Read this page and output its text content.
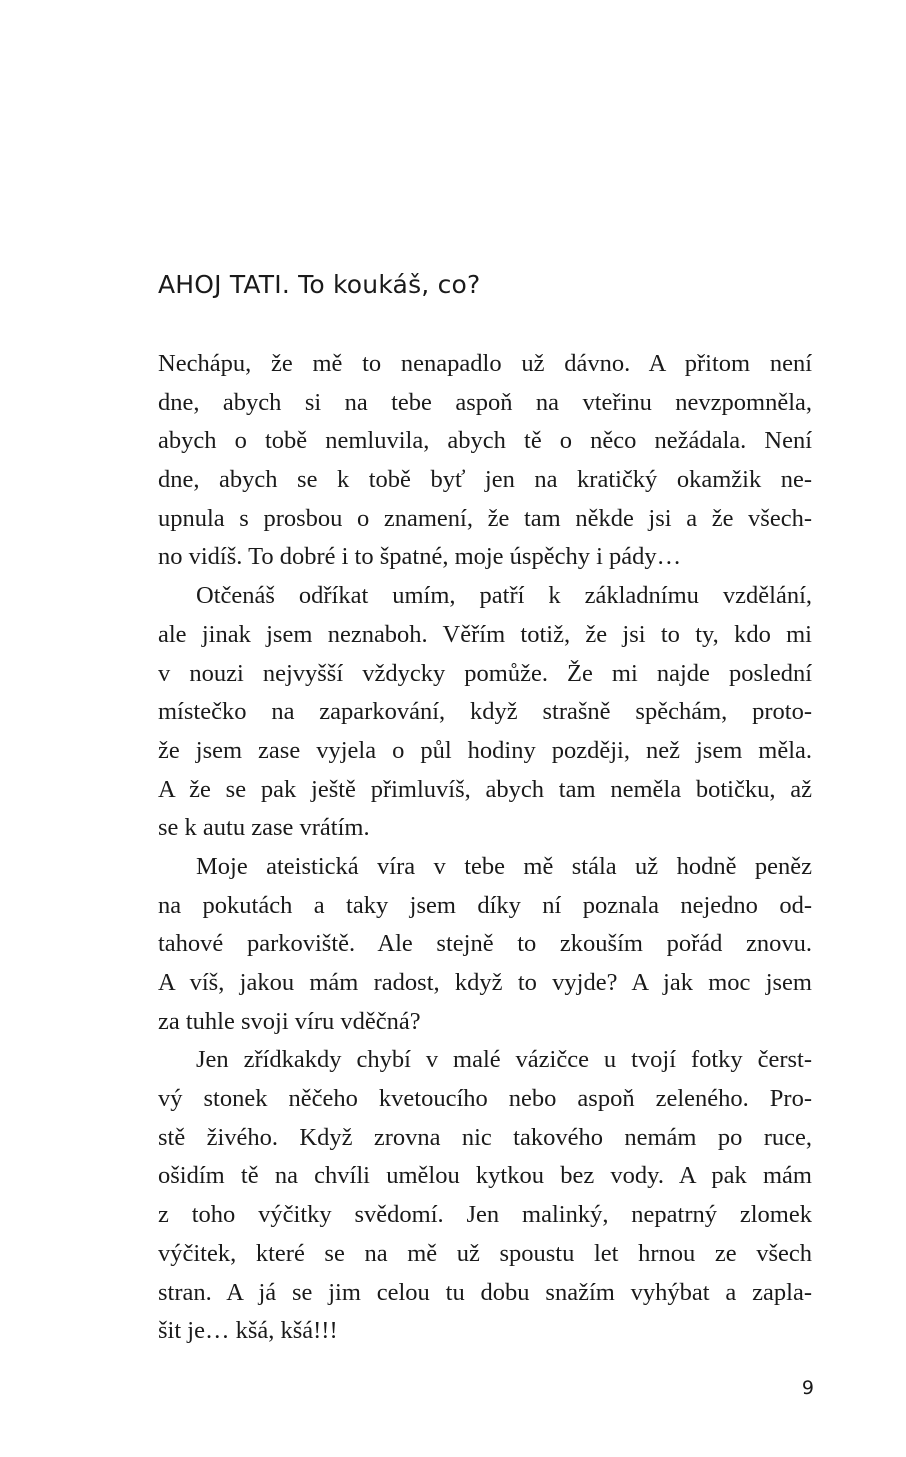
AHOJ TATI. To koukáš, co?
Nechápu, že mě to nenapadlo už dávno. A přitom není
dne, abych si na tebe aspoň na vteřinu nevzpomněla,
abych o tobě nemluvila, abych tě o něco nežádala. Není
dne, abych se k tobě byť jen na kratičký okamžik ne-
upnula s prosbou o znamení, že tam někde jsi a že všech-
no vidíš. To dobré i to špatné, moje úspěchy i pády…
Otčenáš odříkat umím, patří k základnímu vzdělání,
ale jinak jsem neznaboh. Věřím totiž, že jsi to ty, kdo mi
v nouzi nejvyšší vždycky pomůže. Že mi najde poslední
místečko na zaparkování, když strašně spěchám, proto-
že jsem zase vyjela o půl hodiny později, než jsem měla.
A že se pak ještě přimluvíš, abych tam neměla botičku, až
se k autu zase vrátím.
Moje ateistická víra v tebe mě stála už hodně peněz
na pokutách a taky jsem díky ní poznala nejedno od-
tahové parkoviště. Ale stejně to zkouším pořád znovu.
A víš, jakou mám radost, když to vyjde? A jak moc jsem
za tuhle svoji víru vděčná?
Jen zřídkakdy chybí v malé vázičce u tvojí fotky čerst-
vý stonek něčeho kvetoucího nebo aspoň zeleného. Pro-
stě živého. Když zrovna nic takového nemám po ruce,
ošidím tě na chvíli umělou kytkou bez vody. A pak mám
z toho výčitky svědomí. Jen malinký, nepatrný zlomek
výčitek, které se na mě už spoustu let hrnou ze všech
stran. A já se jim celou tu dobu snažím vyhýbat a zapla-
šit je… kšá, kšá!!!
9
